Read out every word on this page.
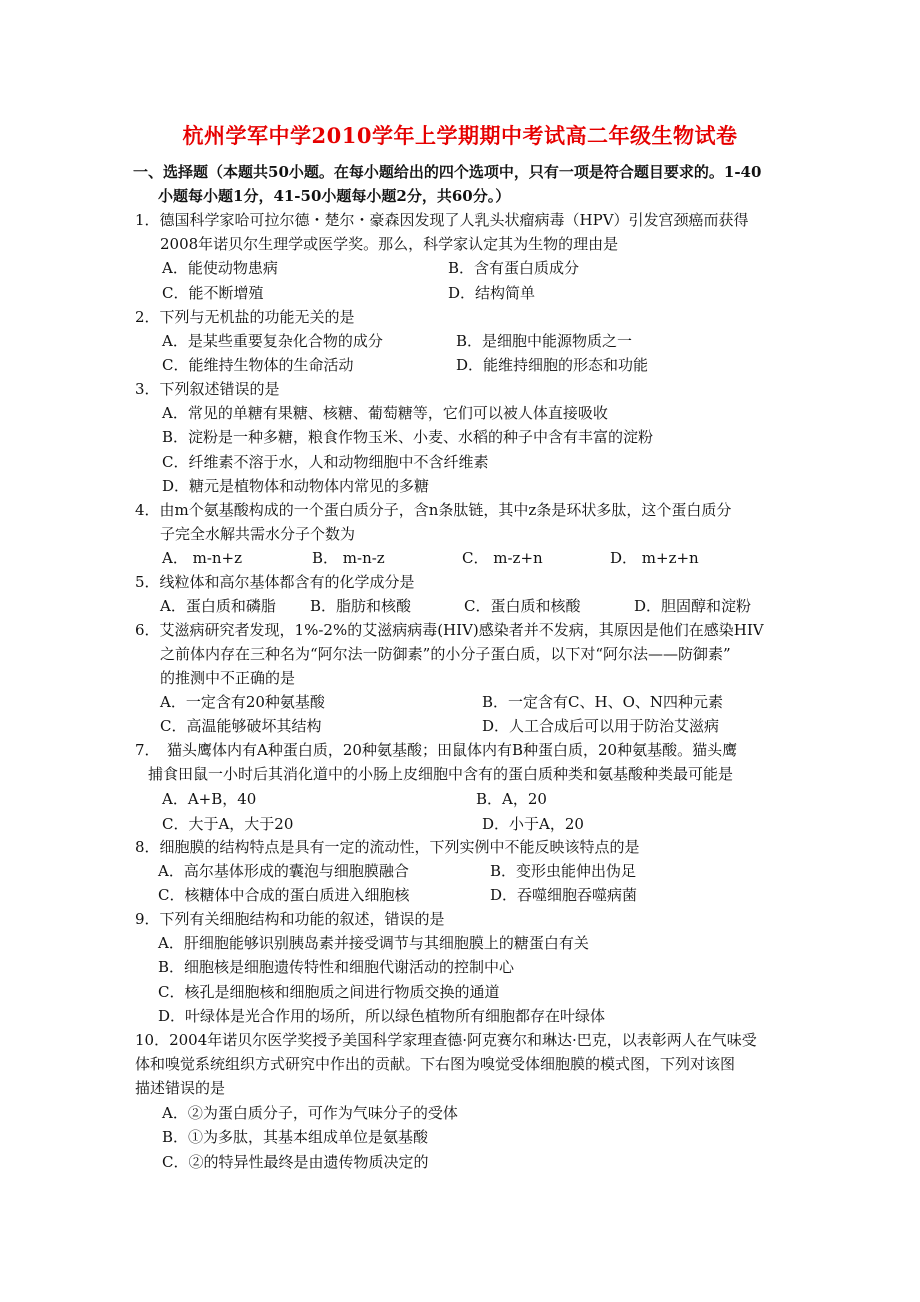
杭州学军中学2010学年上学期期中考试高二年级生物试卷
一、选择题（本题共50小题。在每小题给出的四个选项中，只有一项是符合题目要求的。1-40
小题每小题1分，41-50小题每小题2分，共60分。）
1．德国科学家哈可拉尔德・楚尔・豪森因发现了人乳头状瘤病毒（HPV）引发宫颈癌而获得
2008年诺贝尔生理学或医学奖。那么，科学家认定其为生物的理由是
A．能使动物患病	B．含有蛋白质成分
C．能不断增殖	D．结构简单
2．下列与无机盐的功能无关的是
A．是某些重要复杂化合物的成分	B．是细胞中能源物质之一
C．能维持生物体的生命活动	D．能维持细胞的形态和功能
3．下列叙述错误的是
A．常见的单糖有果糖、核糖、葡萄糖等，它们可以被人体直接吸收
B．淀粉是一种多糖，粮食作物玉米、小麦、水稻的种子中含有丰富的淀粉
C．纤维素不溶于水，人和动物细胞中不含纤维素
D．糖元是植物体和动物体内常见的多糖
4．由m个氨基酸构成的一个蛋白质分子，含n条肽链，其中z条是环状多肽，这个蛋白质分
子完全水解共需水分子个数为
A． m-n+z	B． m-n-z	C． m-z+n	D． m+z+n
5．线粒体和高尔基体都含有的化学成分是
A．蛋白质和磷脂 B．脂肪和核酸	C．蛋白质和核酸	D．胆固醇和淀粉
6．艾滋病研究者发现，1%-2%的艾滋病病毒(HIV)感染者并不发病，其原因是他们在感染HIV
之前体内存在三种名为“阿尔法一防御素”的小分子蛋白质，以下对“阿尔法——防御素”
的推测中不正确的是
A．一定含有20种氨基酸	B．一定含有C、H、O、N四种元素
C．高温能够破坏其结构	D．人工合成后可以用于防治艾滋病
7．　猫头鹰体内有A种蛋白质，20种氨基酸；田鼠体内有B种蛋白质，20种氨基酸。猫头鹰
捕食田鼠一小时后其消化道中的小肠上皮细胞中含有的蛋白质种类和氨基酸种类最可能是
A．A+B，40	B．A，20
C．大于A，大于20	D．小于A，20
8．细胞膜的结构特点是具有一定的流动性，下列实例中不能反映该特点的是
A．高尔基体形成的囊泡与细胞膜融合	B．变形虫能伸出伪足
C．核糖体中合成的蛋白质进入细胞核	D．吞噬细胞吞噬病菌
9．下列有关细胞结构和功能的叙述，错误的是
A．肝细胞能够识别胰岛素并接受调节与其细胞膜上的糖蛋白有关
B．细胞核是细胞遗传特性和细胞代谢活动的控制中心
C．核孔是细胞核和细胞质之间进行物质交换的通道
D．叶绿体是光合作用的场所，所以绿色植物所有细胞都存在叶绿体
10．2004年诺贝尔医学奖授予美国科学家理查德·阿克赛尔和琳达·巴克，以表彰两人在气味受
体和嗅觉系统组织方式研究中作出的贡献。下右图为嗅觉受体细胞膜的模式图，下列对该图
描述错误的是
A．②为蛋白质分子，可作为气味分子的受体
B．①为多肽，其基本组成单位是氨基酸
C．②的特异性最终是由遗传物质决定的
